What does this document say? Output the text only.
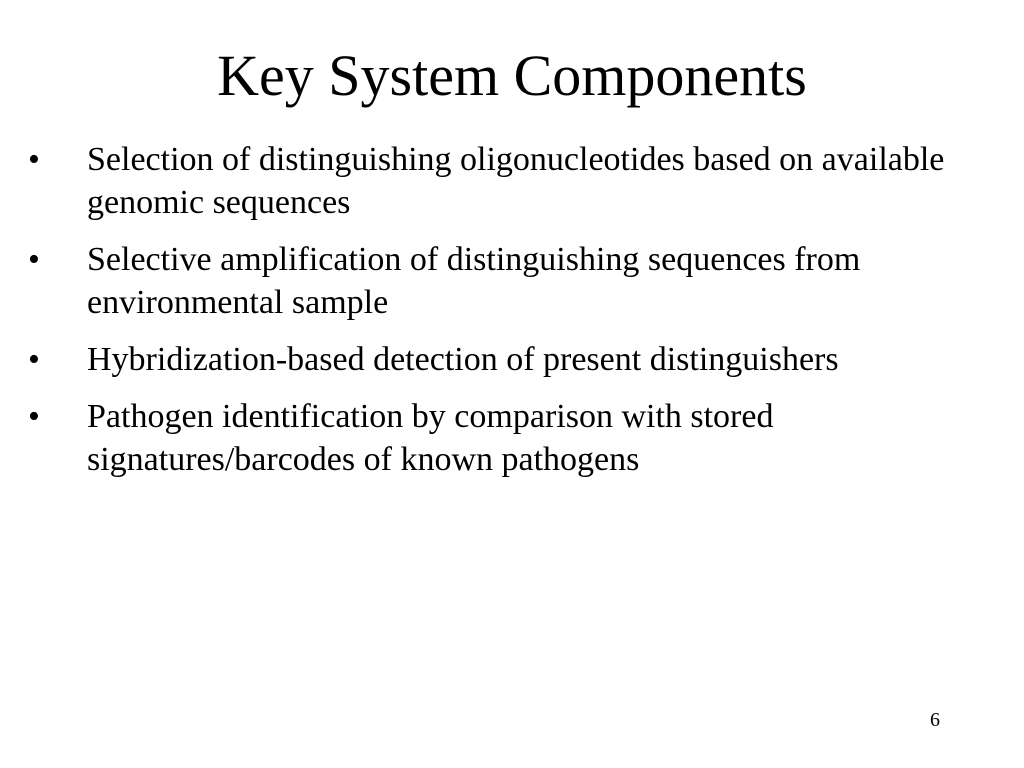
Key System Components
• Selection of distinguishing oligonucleotides based on available genomic sequences
• Selective amplification of distinguishing sequences from environmental sample
• Hybridization-based detection of present distinguishers
• Pathogen identification by comparison with stored signatures/barcodes of known pathogens
6
